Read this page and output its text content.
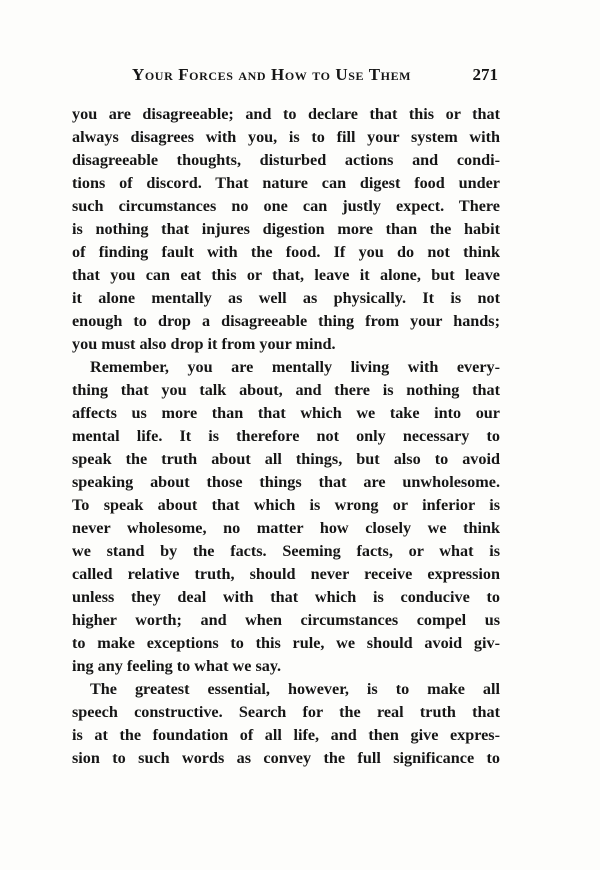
Your Forces and How to Use Them	271
you are disagreeable; and to declare that this or that
always disagrees with you, is to fill your system with
disagreeable thoughts, disturbed actions and condi-
tions of discord. That nature can digest food under
such circumstances no one can justly expect. There
is nothing that injures digestion more than the habit
of finding fault with the food. If you do not think
that you can eat this or that, leave it alone, but leave
it alone mentally as well as physically. It is not
enough to drop a disagreeable thing from your hands;
you must also drop it from your mind.
Remember, you are mentally living with every-
thing that you talk about, and there is nothing that
affects us more than that which we take into our
mental life. It is therefore not only necessary to
speak the truth about all things, but also to avoid
speaking about those things that are unwholesome.
To speak about that which is wrong or inferior is
never wholesome, no matter how closely we think
we stand by the facts. Seeming facts, or what is
called relative truth, should never receive expression
unless they deal with that which is conducive to
higher worth; and when circumstances compel us
to make exceptions to this rule, we should avoid giv-
ing any feeling to what we say.
The greatest essential, however, is to make all
speech constructive. Search for the real truth that
is at the foundation of all life, and then give expres-
sion to such words as convey the full significance to
